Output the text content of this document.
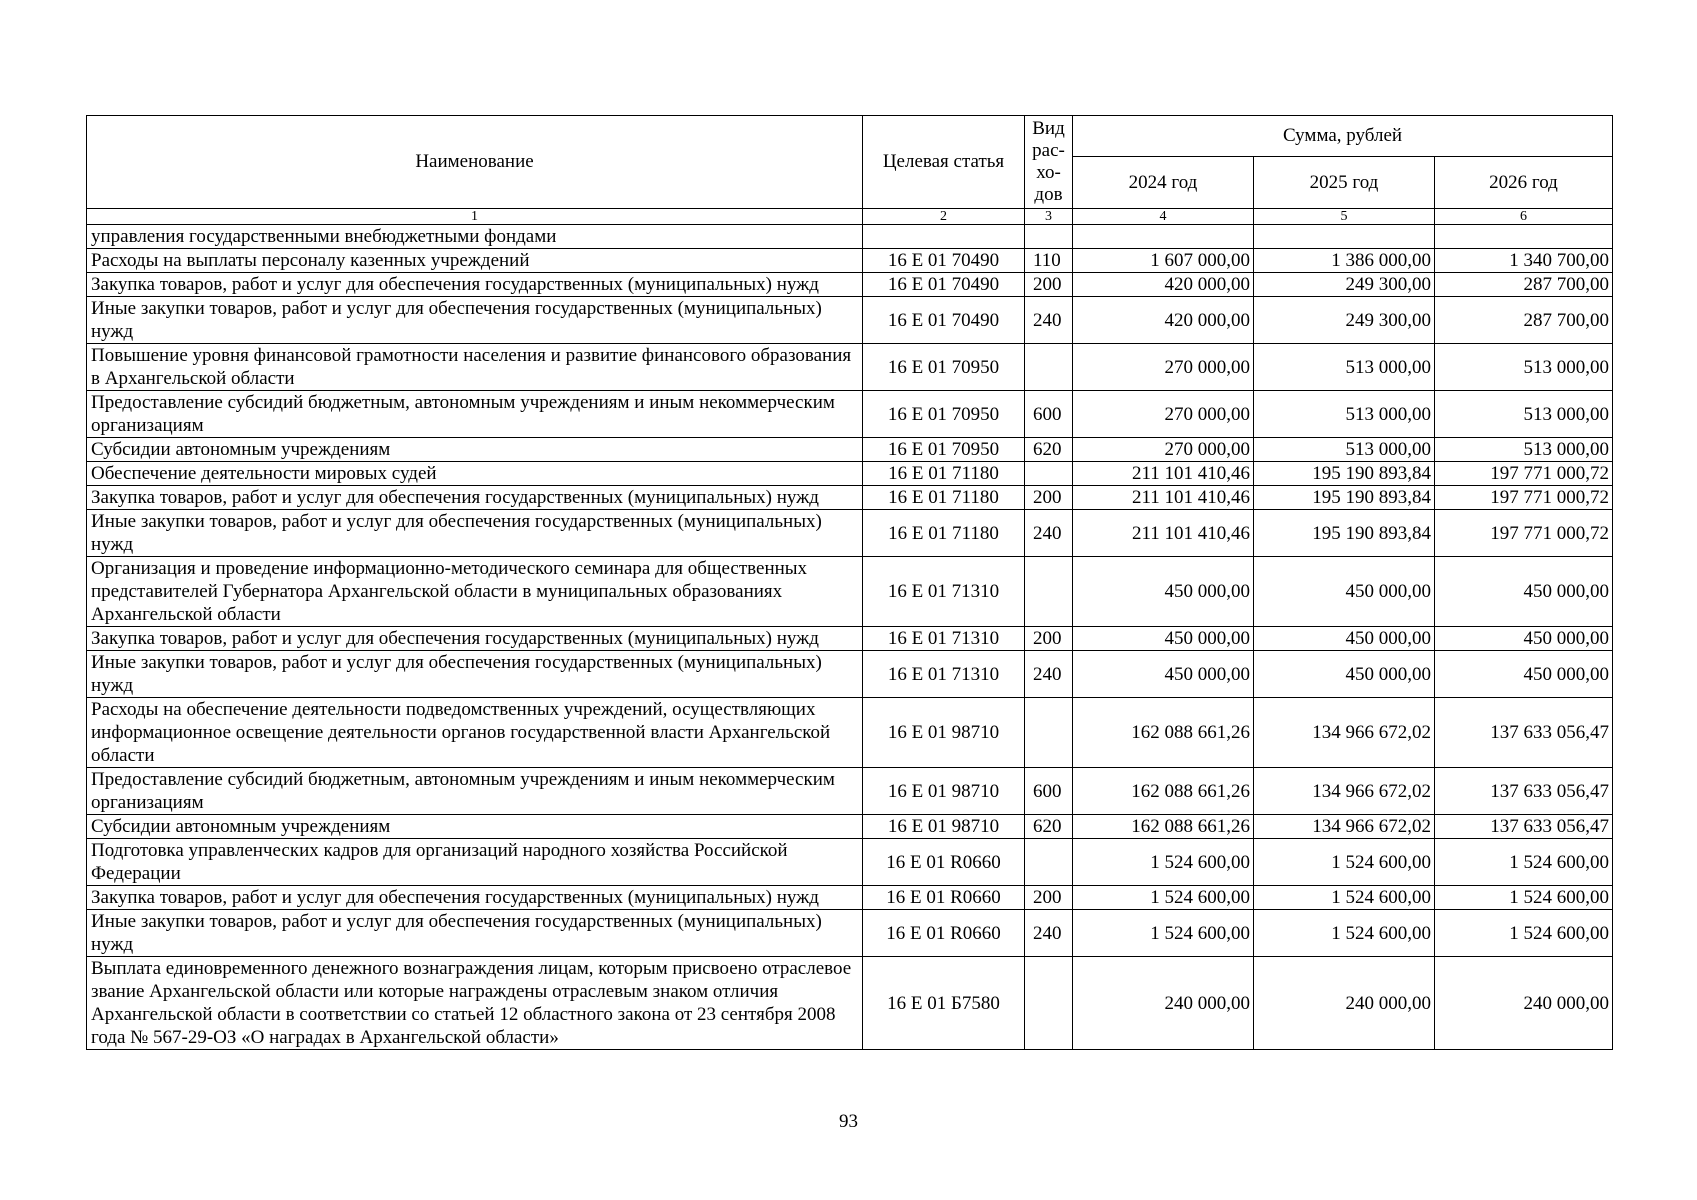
Наименование	Целевая статья	Вид рас-хо-дов	Сумма, рублей		
			2024 год	2025 год	2026 год
1	2	3	4	5	6
управления государственными внебюджетными фондами					
Расходы на выплаты персоналу казенных учреждений	16 Е 01 70490	110	1 607 000,00	1 386 000,00	1 340 700,00
Закупка товаров, работ и услуг для обеспечения государственных (муниципальных) нужд	16 Е 01 70490	200	420 000,00	249 300,00	287 700,00
Иные закупки товаров, работ и услуг для обеспечения государственных (муниципальных) нужд	16 Е 01 70490	240	420 000,00	249 300,00	287 700,00
Повышение уровня финансовой грамотности населения и развитие финансового образования в Архангельской области	16 Е 01 70950		270 000,00	513 000,00	513 000,00
Предоставление субсидий бюджетным, автономным учреждениям и иным некоммерческим организациям	16 Е 01 70950	600	270 000,00	513 000,00	513 000,00
Субсидии автономным учреждениям	16 Е 01 70950	620	270 000,00	513 000,00	513 000,00
Обеспечение деятельности мировых судей	16 Е 01 71180		211 101 410,46	195 190 893,84	197 771 000,72
Закупка товаров, работ и услуг для обеспечения государственных (муниципальных) нужд	16 Е 01 71180	200	211 101 410,46	195 190 893,84	197 771 000,72
Иные закупки товаров, работ и услуг для обеспечения государственных (муниципальных) нужд	16 Е 01 71180	240	211 101 410,46	195 190 893,84	197 771 000,72
Организация и проведение информационно-методического семинара для общественных представителей Губернатора Архангельской области в муниципальных образованиях Архангельской области	16 Е 01 71310		450 000,00	450 000,00	450 000,00
Закупка товаров, работ и услуг для обеспечения государственных (муниципальных) нужд	16 Е 01 71310	200	450 000,00	450 000,00	450 000,00
Иные закупки товаров, работ и услуг для обеспечения государственных (муниципальных) нужд	16 Е 01 71310	240	450 000,00	450 000,00	450 000,00
Расходы на обеспечение деятельности подведомственных учреждений, осуществляющих информационное освещение деятельности органов государственной власти Архангельской области	16 Е 01 98710		162 088 661,26	134 966 672,02	137 633 056,47
Предоставление субсидий бюджетным, автономным учреждениям и иным некоммерческим организациям	16 Е 01 98710	600	162 088 661,26	134 966 672,02	137 633 056,47
Субсидии автономным учреждениям	16 Е 01 98710	620	162 088 661,26	134 966 672,02	137 633 056,47
Подготовка управленческих кадров для организаций народного хозяйства Российской Федерации	16 Е 01 R0660		1 524 600,00	1 524 600,00	1 524 600,00
Закупка товаров, работ и услуг для обеспечения государственных (муниципальных) нужд	16 Е 01 R0660	200	1 524 600,00	1 524 600,00	1 524 600,00
Иные закупки товаров, работ и услуг для обеспечения государственных (муниципальных) нужд	16 Е 01 R0660	240	1 524 600,00	1 524 600,00	1 524 600,00
Выплата единовременного денежного вознаграждения лицам, которым присвоено отраслевое звание Архангельской области или которые награждены отраслевым знаком отличия Архангельской области в соответствии со статьей 12 областного закона от 23 сентября 2008 года № 567-29-ОЗ «О наградах в Архангельской области»	16 Е 01 Б7580		240 000,00	240 000,00	240 000,00
93
